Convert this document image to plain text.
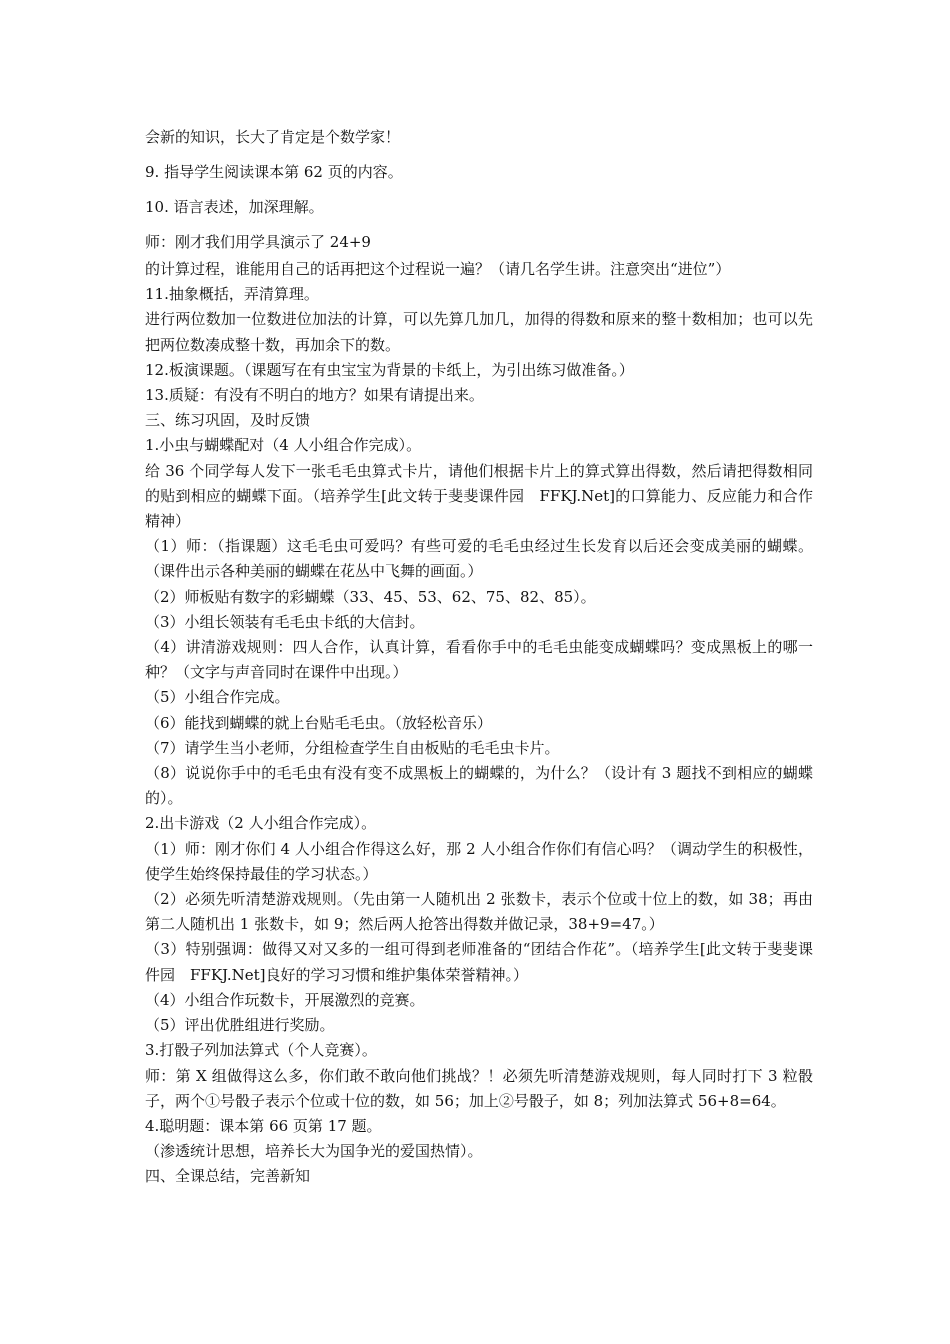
会新的知识，长大了肯定是个数学家！

9. 指导学生阅读课本第 62 页的内容。

10. 语言表述，加深理解。

师：刚才我们用学具演示了 24+9

的计算过程，谁能用自己的话再把这个过程说一遍？（请几名学生讲。注意突出“进位”）

11.抽象概括，弄清算理。

进行两位数加一位数进位加法的计算，可以先算几加几，加得的得数和原来的整十数相加；也可以先把两位数凑成整十数，再加余下的数。

12.板演课题。（课题写在有虫宝宝为背景的卡纸上，为引出练习做准备。）

13.质疑：有没有不明白的地方？如果有请提出来。

三、练习巩固，及时反馈

1.小虫与蝴蝶配对（4 人小组合作完成）。

给 36 个同学每人发下一张毛毛虫算式卡片，请他们根据卡片上的算式算出得数，然后请把得数相同的贴到相应的蝴蝶下面。（培养学生[此文转于斐斐课件园　FFKJ.Net]的口算能力、反应能力和合作精神）

（1）师：（指课题）这毛毛虫可爱吗？有些可爱的毛毛虫经过生长发育以后还会变成美丽的蝴蝶。（课件出示各种美丽的蝴蝶在花丛中飞舞的画面。）

（2）师板贴有数字的彩蝴蝶（33、45、53、62、75、82、85）。

（3）小组长领装有毛毛虫卡纸的大信封。

（4）讲清游戏规则：四人合作，认真计算，看看你手中的毛毛虫能变成蝴蝶吗？变成黑板上的哪一种？（文字与声音同时在课件中出现。）

（5）小组合作完成。

（6）能找到蝴蝶的就上台贴毛毛虫。（放轻松音乐）

（7）请学生当小老师，分组检查学生自由板贴的毛毛虫卡片。

（8）说说你手中的毛毛虫有没有变不成黑板上的蝴蝶的，为什么？（设计有 3 题找不到相应的蝴蝶的）。

2.出卡游戏（2 人小组合作完成）。

（1）师：刚才你们 4 人小组合作得这么好，那 2 人小组合作你们有信心吗？（调动学生的积极性，使学生始终保持最佳的学习状态。）

（2）必须先听清楚游戏规则。（先由第一人随机出 2 张数卡，表示个位或十位上的数，如 38；再由第二人随机出 1 张数卡，如 9；然后两人抢答出得数并做记录，38+9=47。）

（3）特别强调：做得又对又多的一组可得到老师准备的“团结合作花”。（培养学生[此文转于斐斐课件园　FFKJ.Net]良好的学习习惯和维护集体荣誉精神。）

（4）小组合作玩数卡，开展激烈的竞赛。

（5）评出优胜组进行奖励。

3.打骰子列加法算式（个人竞赛）。

师：第 X 组做得这么多，你们敢不敢向他们挑战？！必须先听清楚游戏规则，每人同时打下 3 粒骰子，两个①号骰子表示个位或十位的数，如 56；加上②号骰子，如 8；列加法算式 56+8=64。

4.聪明题：课本第 66 页第 17 题。

（渗透统计思想，培养长大为国争光的爱国热情）。

四、全课总结，完善新知
